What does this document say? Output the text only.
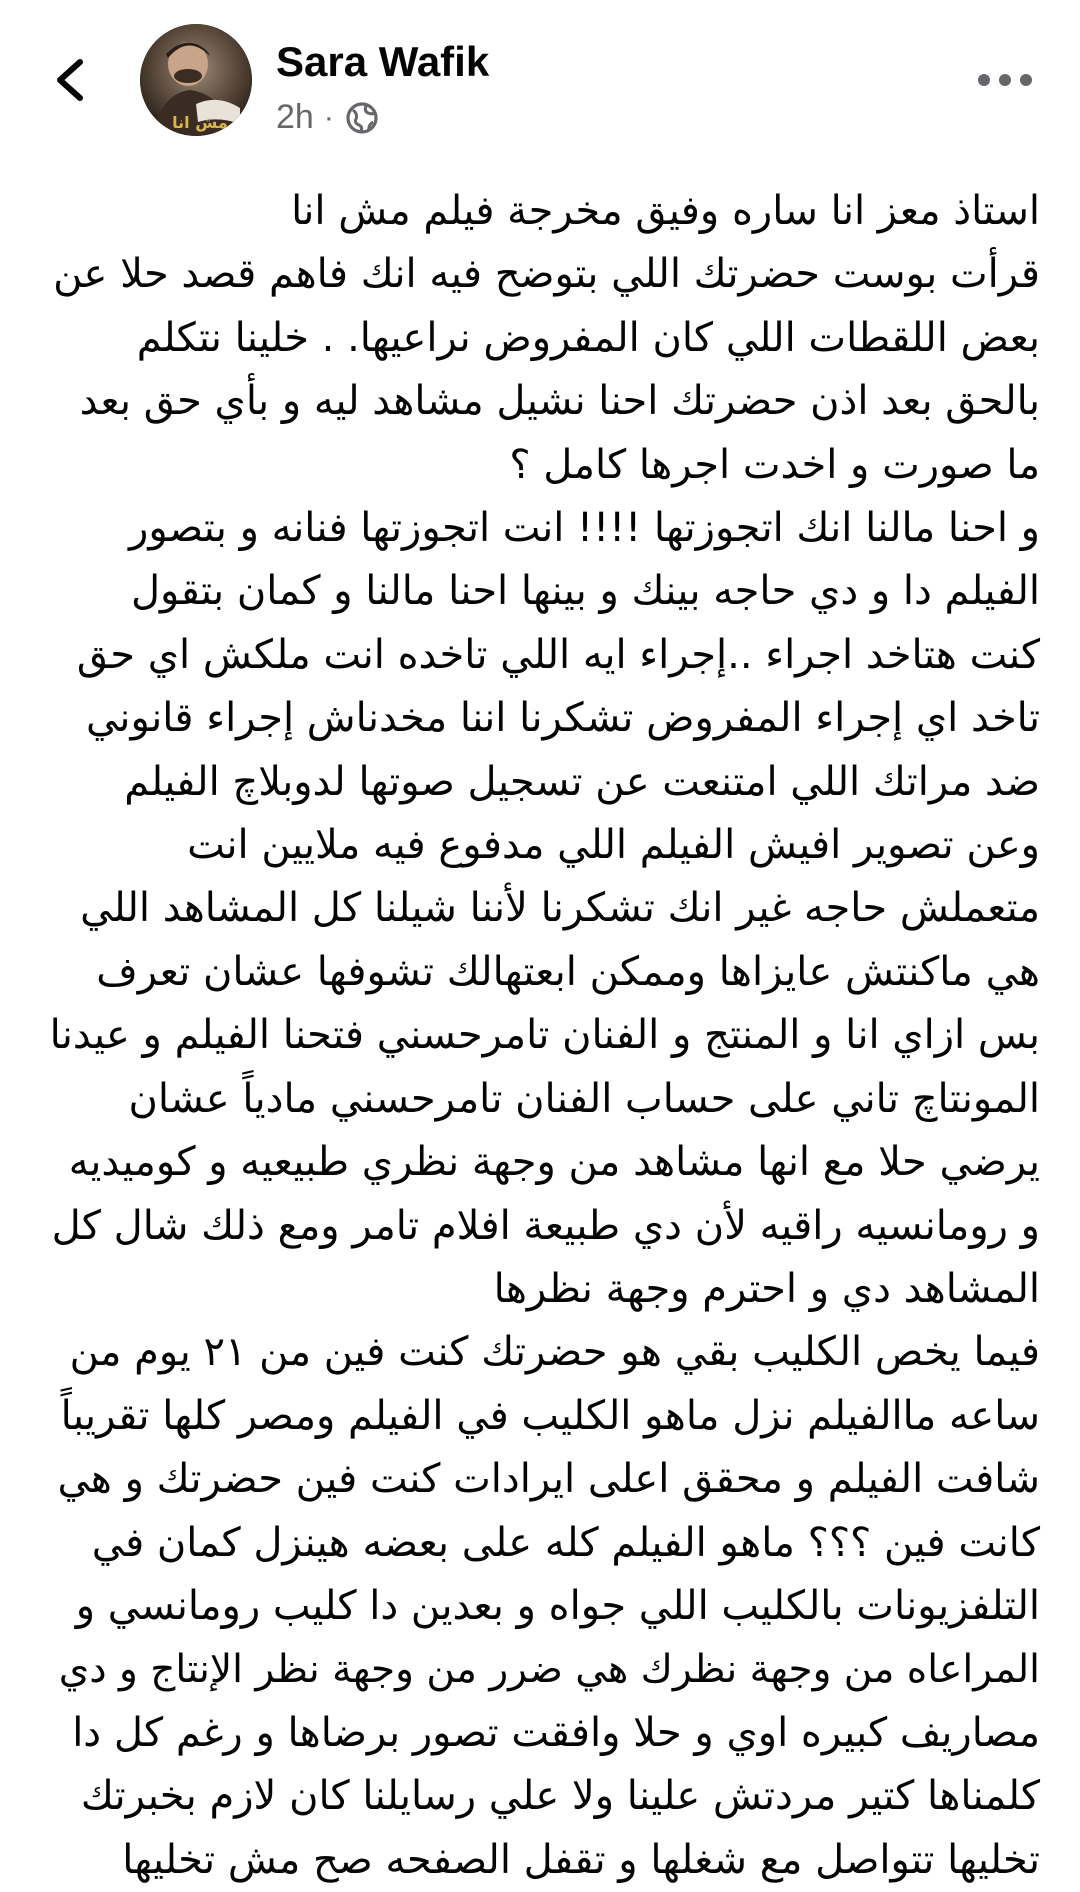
مش انا..
Sara Wafik
2h ·
استاذ معز انا ساره وفيق مخرجة فيلم مش انا
قرأت بوست حضرتك اللي بتوضح فيه انك فاهم قصد حلا عن
بعض اللقطات اللي كان المفروض نراعيها. . خلينا نتكلم
بالحق بعد اذن حضرتك احنا نشيل مشاهد ليه و بأي حق بعد
ما صورت و اخدت اجرها كامل ؟
و احنا مالنا انك اتجوزتها !!!! انت اتجوزتها فنانه و بتصور
الفيلم دا و دي حاجه بينك و بينها احنا مالنا و كمان بتقول
كنت هتاخد اجراء ..إجراء ايه اللي تاخده انت ملكش اي حق
تاخد اي إجراء المفروض تشكرنا اننا مخدناش إجراء قانوني
ضد مراتك اللي امتنعت عن تسجيل صوتها لدوبلاچ الفيلم
وعن تصوير افيش الفيلم اللي مدفوع فيه ملايين انت
متعملش حاجه غير انك تشكرنا لأننا شيلنا كل المشاهد اللي
هي ماكنتش عايزاها وممكن ابعتهالك تشوفها عشان تعرف
بس ازاي انا و المنتج و الفنان تامرحسني فتحنا الفيلم و عيدنا
المونتاچ تاني على حساب الفنان تامرحسني مادياً عشان
يرضي حلا مع انها مشاهد من وجهة نظري طبيعيه و كوميديه
و رومانسيه راقيه لأن دي طبيعة افلام تامر ومع ذلك شال كل
المشاهد دي و احترم وجهة نظرها
فيما يخص الكليب بقي هو حضرتك كنت فين من ٢١ يوم من
ساعه ماالفيلم نزل ماهو الكليب في الفيلم ومصر كلها تقريباً
شافت الفيلم و محقق اعلى ايرادات كنت فين حضرتك و هي
كانت فين ؟؟؟ ماهو الفيلم كله على بعضه هينزل كمان في
التلفزيونات بالكليب اللي جواه و بعدين دا كليب رومانسي و
المراعاه من وجهة نظرك هي ضرر من وجهة نظر الإنتاج و دي
مصاريف كبيره اوي و حلا وافقت تصور برضاها و رغم كل دا
كلمناها كتير مردتش علينا ولا علي رسايلنا كان لازم بخبرتك
تخليها تتواصل مع شغلها و تقفل الصفحه صح مش تخليها
